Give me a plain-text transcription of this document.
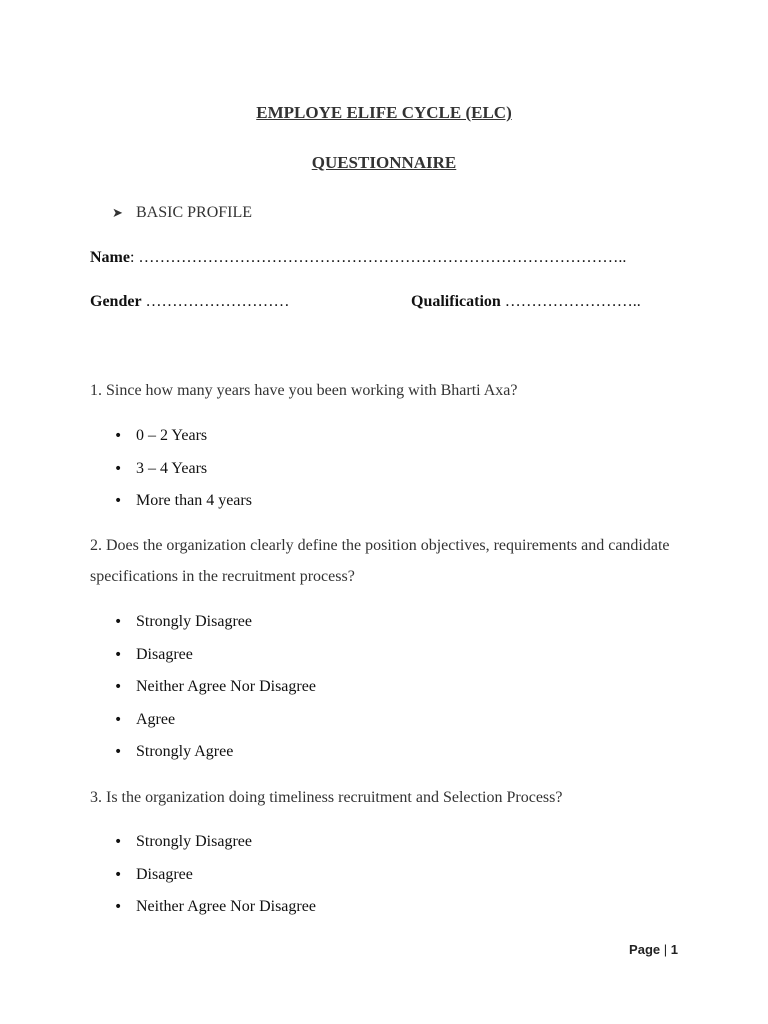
EMPLOYE ELIFE CYCLE (ELC)
QUESTIONNAIRE
➤ BASIC PROFILE
Name: ………………………………………………………………………………..
Gender ………………………	Qualification ……………………..
1. Since how many years have you been working with Bharti Axa?
• 0 – 2 Years
• 3 – 4 Years
• More than 4 years
2. Does the organization clearly define the position objectives, requirements and candidate specifications in the recruitment process?
• Strongly Disagree
• Disagree
• Neither Agree Nor Disagree
• Agree
• Strongly Agree
3. Is the organization doing timeliness recruitment and Selection Process?
• Strongly Disagree
• Disagree
• Neither Agree Nor Disagree
Page | 1
